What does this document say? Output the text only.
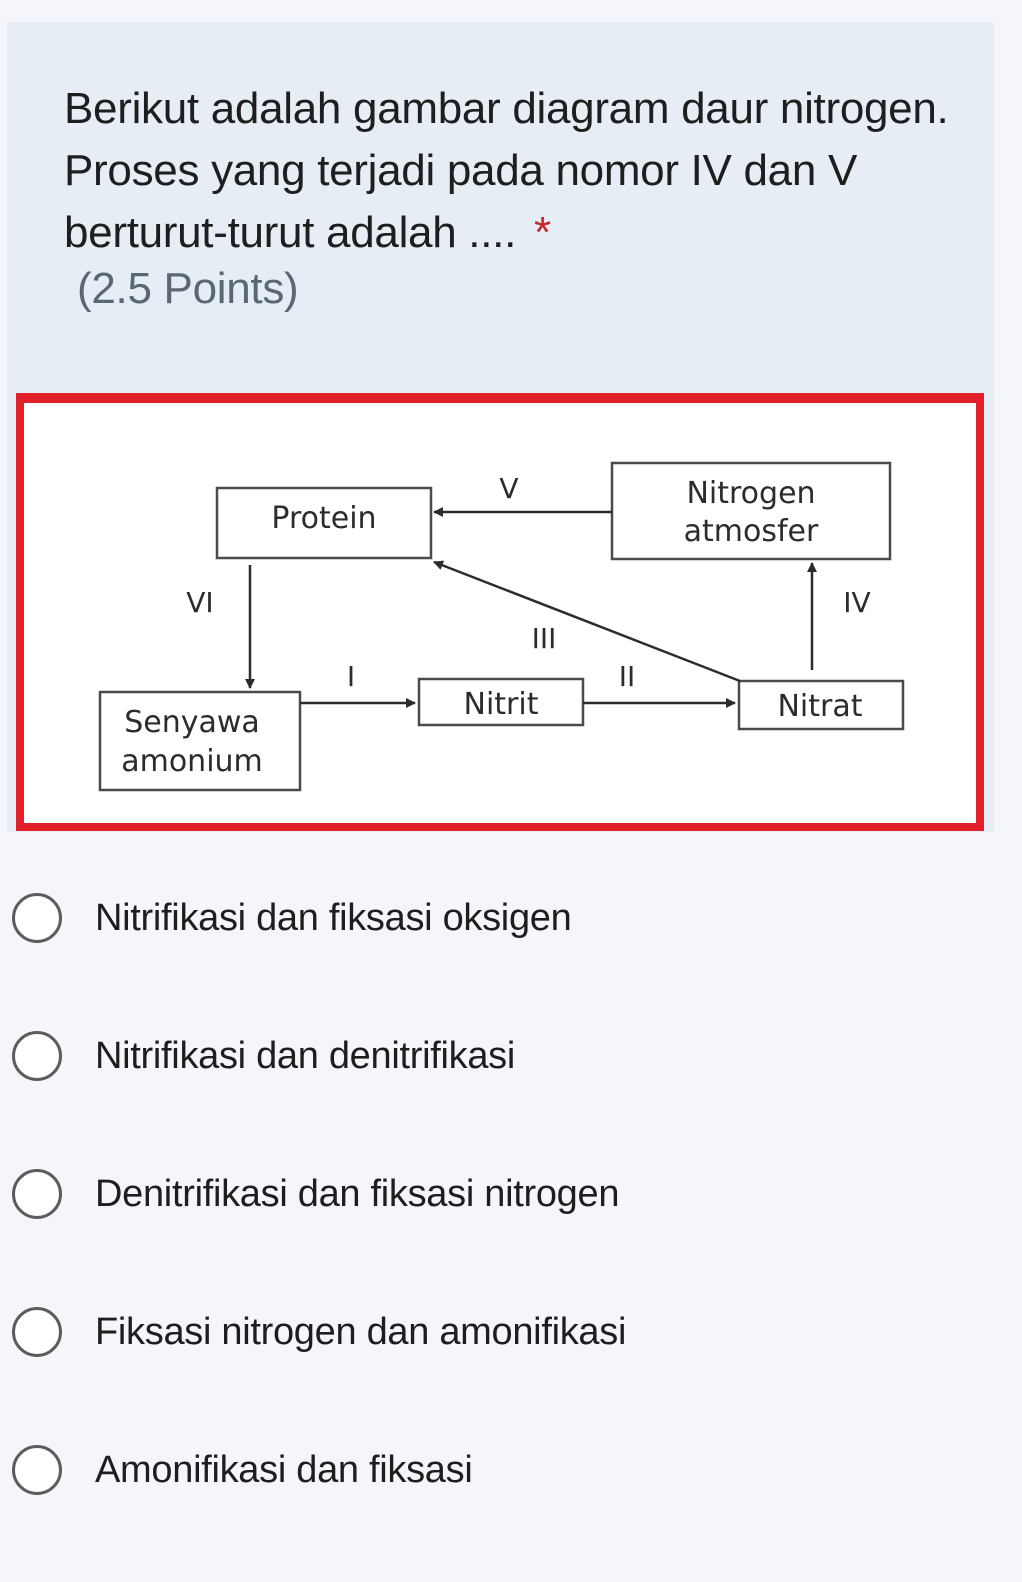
Berikut adalah gambar diagram daur nitrogen. Proses yang terjadi pada nomor IV dan V berturut-turut adalah .... *
(2.5 Points)
Protein
Nitrogen
atmosfer
Senyawa
amonium
Nitrit	Nitrat
V
VI
I	II
III
IV
Nitrifikasi dan fiksasi oksigen
Nitrifikasi dan denitrifikasi
Denitrifikasi dan fiksasi nitrogen
Fiksasi nitrogen dan amonifikasi
Amonifikasi dan fiksasi
